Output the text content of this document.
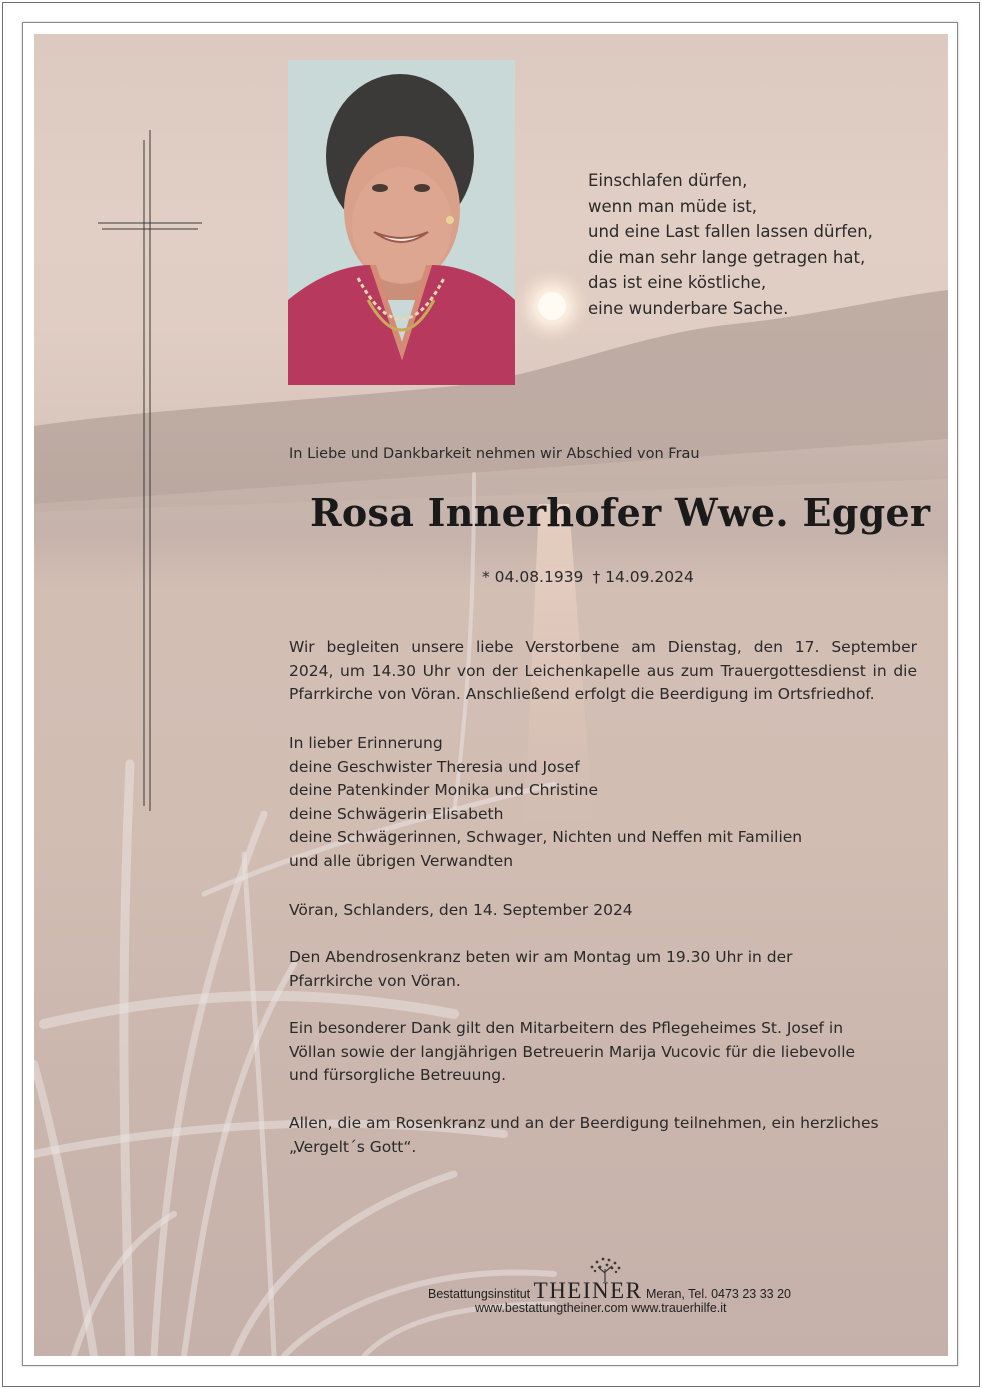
Einschlafen dürfen,
wenn man müde ist,
und eine Last fallen lassen dürfen,
die man sehr lange getragen hat,
das ist eine köstliche,
eine wunderbare Sache.
In Liebe und Dankbarkeit nehmen wir Abschied von Frau
Rosa Innerhofer Wwe. Egger
* 04.08.1939 † 14.09.2024
Wir begleiten unsere liebe Verstorbene am Dienstag, den 17. September
2024, um 14.30 Uhr von der Leichenkapelle aus zum Trauergottesdienst in die
Pfarrkirche von Vöran. Anschließend erfolgt die Beerdigung im Ortsfriedhof.
In lieber Erinnerung
deine Geschwister Theresia und Josef
deine Patenkinder Monika und Christine
deine Schwägerin Elisabeth
deine Schwägerinnen, Schwager, Nichten und Neffen mit Familien
und alle übrigen Verwandten
Vöran, Schlanders, den 14. September 2024
Den Abendrosenkranz beten wir am Montag um 19.30 Uhr in der
Pfarrkirche von Vöran.
Ein besonderer Dank gilt den Mitarbeitern des Pflegeheimes St. Josef in
Völlan sowie der langjährigen Betreuerin Marija Vucovic für die liebevolle
und fürsorgliche Betreuung.
Allen, die am Rosenkranz und an der Beerdigung teilnehmen, ein herzliches
„Vergelt´s Gott“.
Bestattungsinstitut THEINER Meran, Tel. 0473 23 33 20
www.bestattungtheiner.com www.trauerhilfe.it
